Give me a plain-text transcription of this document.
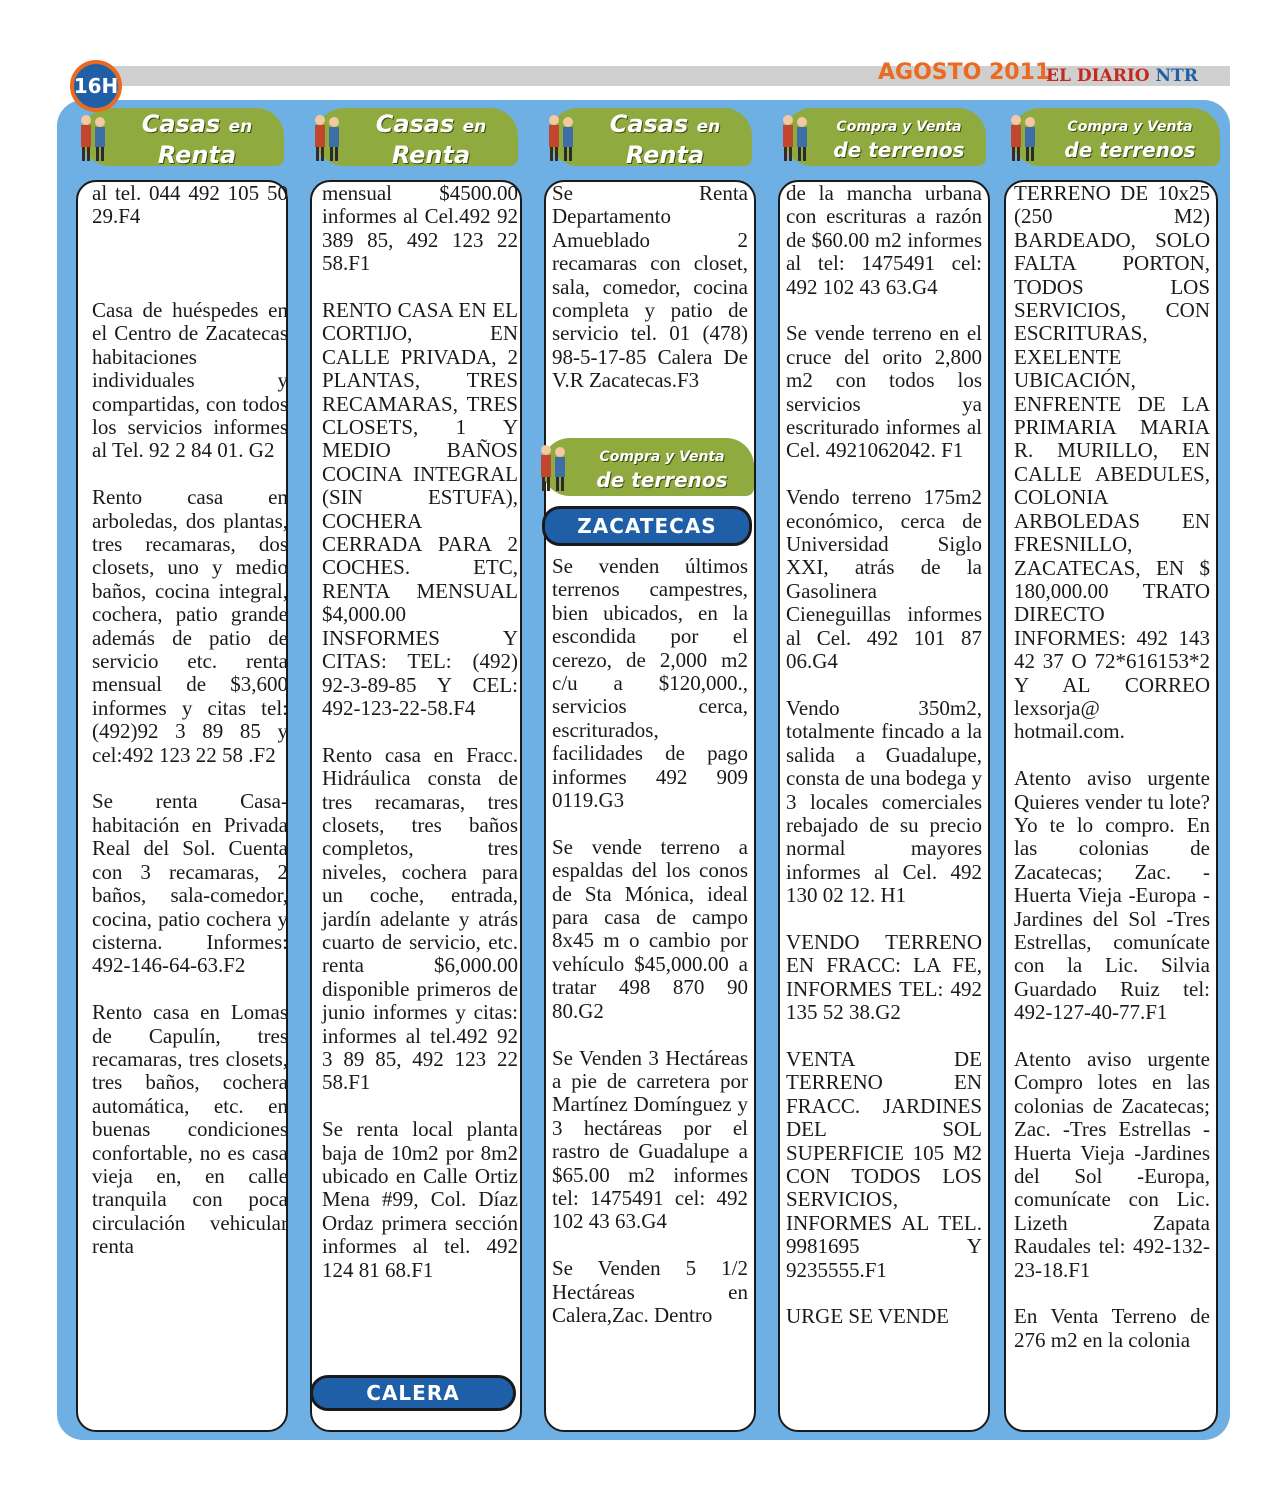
16H
AGOSTO 2011
EL DIARIO NTR
Casas en
Renta

al tel. 044 492 105 50 29.F4

Casa de huéspedes en el Centro de Zacatecas habitaciones individuales y compartidas, con todos los servicios informes al Tel. 92 2 84 01. G2

Rento casa en arboledas, dos plantas, tres recamaras, dos closets, uno y medio baños, cocina integral, cochera, patio grande además de patio de servicio etc. renta mensual de $3,600 informes y citas tel: (492)92 3 89 85 y cel:492 123 22 58 .F2

Se renta Casa-habitación en Privada Real del Sol. Cuenta con 3 recamaras, 2 baños, sala-comedor, cocina, patio cochera y cisterna. Informes: 492-146-64-63.F2

Rento casa en Lomas de Capulín, tres recamaras, tres closets, tres baños, cochera automática, etc. en buenas condiciones confortable, no es casa vieja en, en calle tranquila con poca circulación vehicular renta

Casas en
Renta
CALERA

mensual $4500.00 informes al Cel.492 92 389 85, 492 123 22 58.F1

RENTO CASA EN EL CORTIJO, EN CALLE PRIVADA, 2 PLANTAS, TRES RECAMARAS, TRES CLOSETS, 1 Y MEDIO BAÑOS COCINA INTEGRAL (SIN ESTUFA), COCHERA CERRADA PARA 2 COCHES. ETC, RENTA MENSUAL $4,000.00 INSFORMES Y CITAS: TEL: (492) 92-3-89-85 Y CEL: 492-123-22-58.F4

Rento casa en Fracc. Hidráulica consta de tres recamaras, tres closets, tres baños completos, tres niveles, cochera para un coche, entrada, jardín adelante y atrás cuarto de servicio, etc. renta $6,000.00 disponible primeros de junio informes y citas: informes al tel.492 92 3 89 85, 492 123 22 58.F1

Se renta local planta baja de 10m2 por 8m2 ubicado en Calle Ortiz Mena #99, Col. Díaz Ordaz primera sección informes al tel. 492 124 81 68.F1

Casas en
Renta
Compra y Venta
de terrenos
ZACATECAS

Se Renta Departamento Amueblado 2 recamaras con closet, sala, comedor, cocina completa y patio de servicio tel. 01 (478) 98-5-17-85 Calera De V.R Zacatecas.F3

Se venden últimos terrenos campestres, bien ubicados, en la escondida por el cerezo, de 2,000 m2 c/u a $120,000., servicios cerca, escriturados, facilidades de pago informes 492 909 0119.G3

Se vende terreno a espaldas del los conos de Sta Mónica, ideal para casa de campo 8x45 m o cambio por vehículo $45,000.00 a tratar 498 870 90 80.G2

Se Venden 3 Hectáreas a pie de carretera por Martínez Domínguez y 3 hectáreas por el rastro de Guadalupe a $65.00 m2 informes tel: 1475491 cel: 492 102 43 63.G4

Se Venden 5 1/2 Hectáreas en Calera,Zac. Dentro

Compra y Venta
de terrenos

de la mancha urbana con escrituras a razón de $60.00 m2 informes al tel: 1475491 cel: 492 102 43 63.G4

Se vende terreno en el cruce del orito 2,800 m2 con todos los servicios ya escriturado informes al Cel. 4921062042. F1

Vendo terreno 175m2 económico, cerca de Universidad Siglo XXI, atrás de la Gasolinera Cieneguillas informes al Cel. 492 101 87 06.G4

Vendo 350m2, totalmente fincado a la salida a Guadalupe, consta de una bodega y 3 locales comerciales rebajado de su precio normal mayores informes al Cel. 492 130 02 12. H1

VENDO TERRENO EN FRACC: LA FE, INFORMES TEL: 492 135 52 38.G2

VENTA DE TERRENO EN FRACC. JARDINES DEL SOL SUPERFICIE 105 M2 CON TODOS LOS SERVICIOS, INFORMES AL TEL. 9981695 Y 9235555.F1

URGE SE VENDE

Compra y Venta
de terrenos

TERRENO DE 10x25 (250 M2) BARDEADO, SOLO FALTA PORTON, TODOS LOS SERVICIOS, CON ESCRITURAS, EXELENTE UBICACIÓN, ENFRENTE DE LA PRIMARIA MARIA R. MURILLO, EN CALLE ABEDULES, COLONIA ARBOLEDAS EN FRESNILLO, ZACATECAS, EN $ 180,000.00 TRATO DIRECTO INFORMES: 492 143 42 37 O 72*616153*2 Y AL CORREO lexsorja@ hotmail.com.

Atento aviso urgente Quieres vender tu lote? Yo te lo compro. En las colonias de Zacatecas; Zac. -Huerta Vieja -Europa -Jardines del Sol -Tres Estrellas, comunícate con la Lic. Silvia Guardado Ruiz tel: 492-127-40-77.F1

Atento aviso urgente Compro lotes en las colonias de Zacatecas; Zac. -Tres Estrellas -Huerta Vieja -Jardines del Sol -Europa, comunícate con Lic. Lizeth Zapata Raudales tel: 492-132-23-18.F1

En Venta Terreno de 276 m2 en la colonia
